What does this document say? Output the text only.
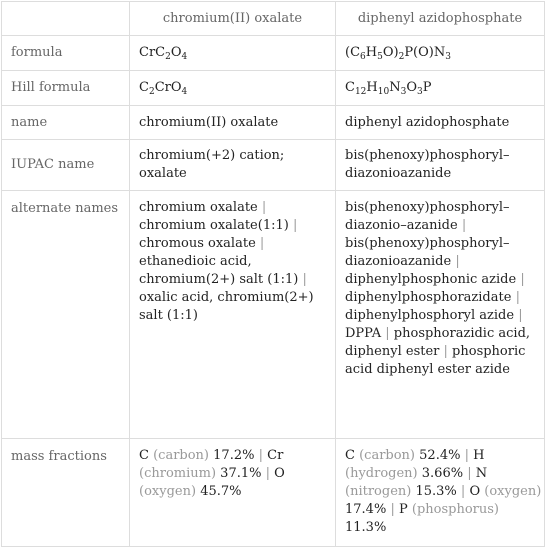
	chromium(II) oxalate	diphenyl azidophosphate
formula	$CrC_2O_4$	$(C_6H_5O)_2P(O)N_3$
Hill formula	$C_2CrO_4$	$C_{12}H_{10}N_3O_3P$
name	chromium(II) oxalate	diphenyl azidophosphate
IUPAC name	chromium(+2) cation; oxalate	bis(phenoxy)phosphoryl–diazonioazanide
alternate names	chromium oxalate | chromium oxalate(1:1) | chromous oxalate | ethanedioic acid, chromium(2+) salt (1:1) | oxalic acid, chromium(2+) salt (1:1)	bis(phenoxy)phosphoryl–diazonio–azanide | bis(phenoxy)phosphoryl–diazonioazanide | diphenylphosphonic azide | diphenylphosphorazidate | diphenylphosphoryl azide | DPPA | phosphorazidic acid, diphenyl ester | phosphoric acid diphenyl ester azide
mass fractions	C (carbon) 17.2% | Cr (chromium) 37.1% | O (oxygen) 45.7%	C (carbon) 52.4% | H (hydrogen) 3.66% | N (nitrogen) 15.3% | O (oxygen) 17.4% | P (phosphorus) 11.3%
